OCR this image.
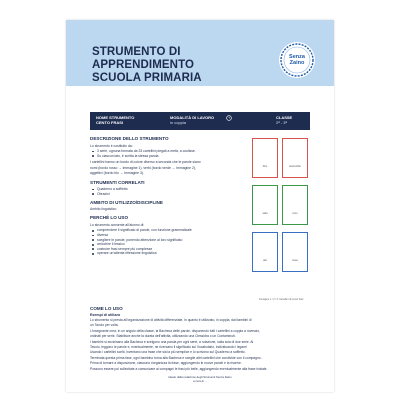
STRUMENTO DI APPRENDIMENTO
SCUOLA PRIMARIA
Senza
Zaino
NOME STRUMENTO
CENTO FRASI
MODALITÀ DI LAVORO
in coppia
CLASSE
2ª - 3ª
DESCRIZIONE DELLO STRUMENTO
Lo strumento è costituito da:
3 serie, ognuna formata da 33 cartellini piegati a metà, a coulisse.
Su ciascun lato, è scritta la stessa parola.
I cartellini hanno un bordo di colore diverso a seconda che le parole siano
nomi (bordo rosso → Immagine 1), verbi (bordo verde → Immagine 2),
aggettivi (bordo blu → Immagine 3).
STRUMENTI CORRELATI
Quaderno a soffietto
Obrazini
AMBITO DI UTILIZZO/DISCIPLINE
Ambito linguistico
PERCHÉ LO USO
Lo strumento consente all'alunno di:
comprendere il significato di parole, con funzione grammaticale
diversa
scegliere le parole, ponendo attenzione al loro significato
arricchire il lessico
costruire frasi sempre più complesse
operare un'attenta riflessione linguistica
libro	automobile
salta	corre
alto	rosso
Immagine 1 / 2 / 3: Cartellini di Cento frasi
COME LO USO
Esempi di utilizzo
Lo strumento si presta all'organizzazione di attività differenziate, in quanto è utilizzato, in coppia, dai bambini di
un Tavolo per volta.
L'insegnante crea, in un angolo della classe, la Bacheca delle parole, disponendo tutti i cartellini a coppia a rovescio,
ordinati per serie. Stabilisce anche la durata dell'attività, utilizzando una Clessidra o un Contaminuti.
I bambini si avvicinano alla Bacheca e scelgono una parola per ogni serie, a rotazione, sulla scia di due serie. Al
Tavolo, leggono le parole e, eventualmente, ne ricercano il significato sul Vocabolario, individuando i legami
Usando i cartellini scelti, inventano una frase che sia la più semplice e lo scrivono sul Quaderno a soffietto.
Terminata questa prima fase, ogni bambino torna alla Bacheca e sceglie altri cartellini che condivide con il compagno.
Prima di tornare a disposizione, ciascuno riorganizza la frase, aggiungendo le nuove parole e la riscrive.
Possono essere poi sollecitate a comunicare ai compagni le frasi più belle, aggiungendo eventualmente alla frase iniziale.
Ideato dalla redazione degli Strumenti Senza Zaino
a cura di ...
